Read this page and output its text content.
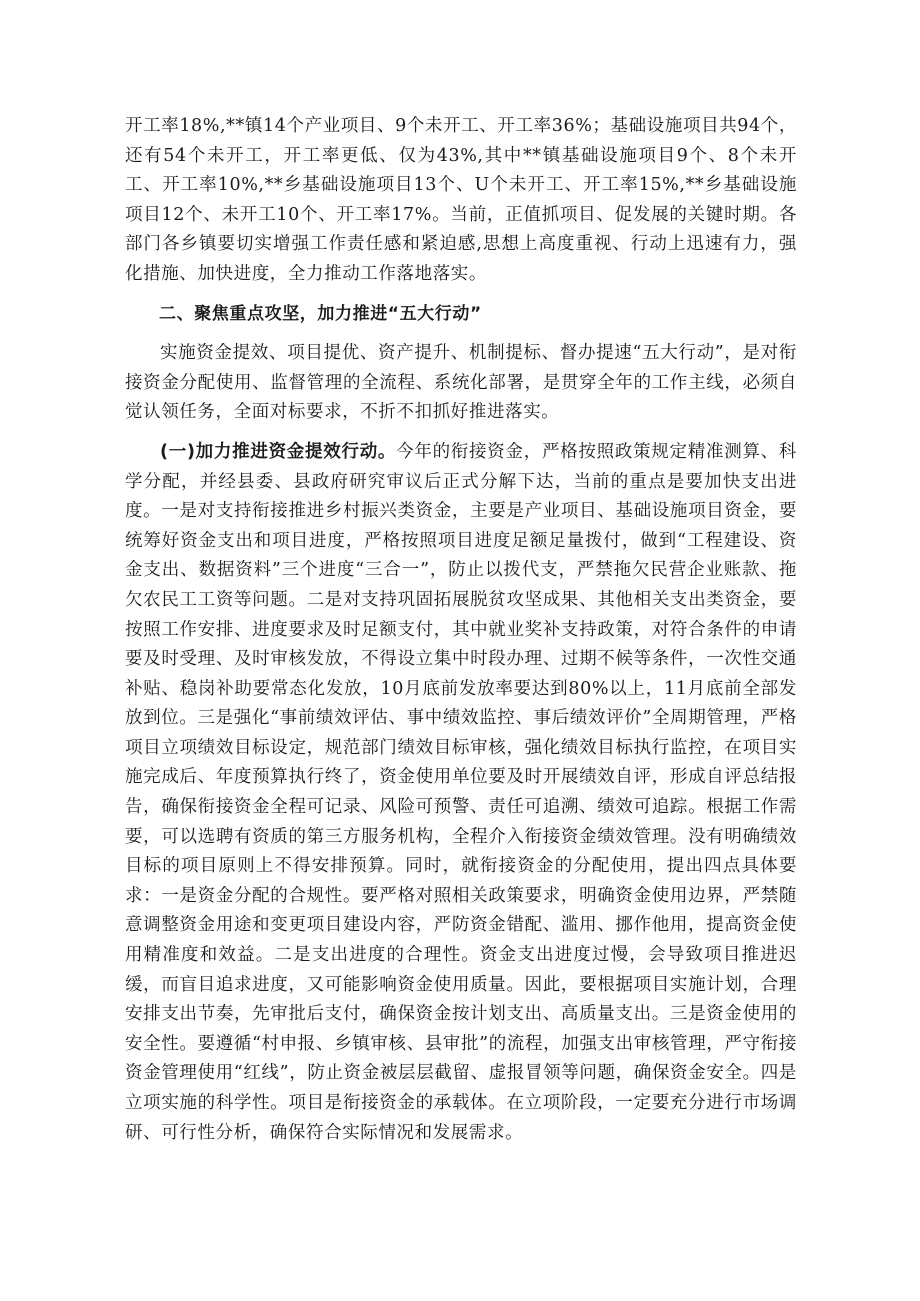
开工率18%,**镇14个产业项目、9个未开工、开工率36%；基础设施项目共94个，还有54个未开工，开工率更低、仅为43%,其中**镇基础设施项目9个、8个未开工、开工率10%,**乡基础设施项目13个、U个未开工、开工率15%,**乡基础设施项目12个、未开工10个、开工率17%。当前，正值抓项目、促发展的关键时期。各部门各乡镇要切实增强工作责任感和紧迫感,思想上高度重视、行动上迅速有力，强化措施、加快进度，全力推动工作落地落实。

二、聚焦重点攻坚，加力推进“五大行动”

实施资金提效、项目提优、资产提升、机制提标、督办提速“五大行动”，是对衔接资金分配使用、监督管理的全流程、系统化部署，是贯穿全年的工作主线，必须自觉认领任务，全面对标要求，不折不扣抓好推进落实。

(一)加力推进资金提效行动。今年的衔接资金，严格按照政策规定精准测算、科学分配，并经县委、县政府研究审议后正式分解下达，当前的重点是要加快支出进度。一是对支持衔接推进乡村振兴类资金，主要是产业项目、基础设施项目资金，要统筹好资金支出和项目进度，严格按照项目进度足额足量拨付，做到“工程建设、资金支出、数据资料”三个进度“三合一”，防止以拨代支，严禁拖欠民营企业账款、拖欠农民工工资等问题。二是对支持巩固拓展脱贫攻坚成果、其他相关支出类资金，要按照工作安排、进度要求及时足额支付，其中就业奖补支持政策，对符合条件的申请要及时受理、及时审核发放，不得设立集中时段办理、过期不候等条件，一次性交通补贴、稳岗补助要常态化发放，10月底前发放率要达到80%以上，11月底前全部发放到位。三是强化“事前绩效评估、事中绩效监控、事后绩效评价”全周期管理，严格项目立项绩效目标设定，规范部门绩效目标审核，强化绩效目标执行监控，在项目实施完成后、年度预算执行终了，资金使用单位要及时开展绩效自评，形成自评总结报告，确保衔接资金全程可记录、风险可预警、责任可追溯、绩效可追踪。根据工作需要，可以选聘有资质的第三方服务机构，全程介入衔接资金绩效管理。没有明确绩效目标的项目原则上不得安排预算。同时，就衔接资金的分配使用，提出四点具体要求：一是资金分配的合规性。要严格对照相关政策要求，明确资金使用边界，严禁随意调整资金用途和变更项目建设内容，严防资金错配、滥用、挪作他用，提高资金使用精准度和效益。二是支出进度的合理性。资金支出进度过慢，会导致项目推进迟缓，而盲目追求进度，又可能影响资金使用质量。因此，要根据项目实施计划，合理安排支出节奏，先审批后支付，确保资金按计划支出、高质量支出。三是资金使用的安全性。要遵循“村申报、乡镇审核、县审批”的流程，加强支出审核管理，严守衔接资金管理使用“红线”，防止资金被层层截留、虚报冒领等问题，确保资金安全。四是立项实施的科学性。项目是衔接资金的承载体。在立项阶段，一定要充分进行市场调研、可行性分析，确保符合实际情况和发展需求。
